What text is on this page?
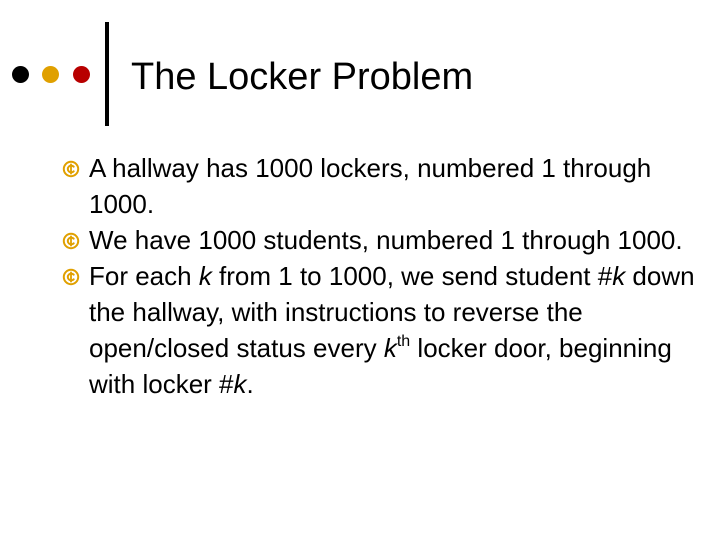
The Locker Problem
A hallway has 1000 lockers, numbered 1 through 1000.
We have 1000 students, numbered 1 through 1000.
For each k from 1 to 1000, we send student #k down the hallway, with instructions to reverse the open/closed status every $k^{th}$ locker door, beginning with locker #k.
